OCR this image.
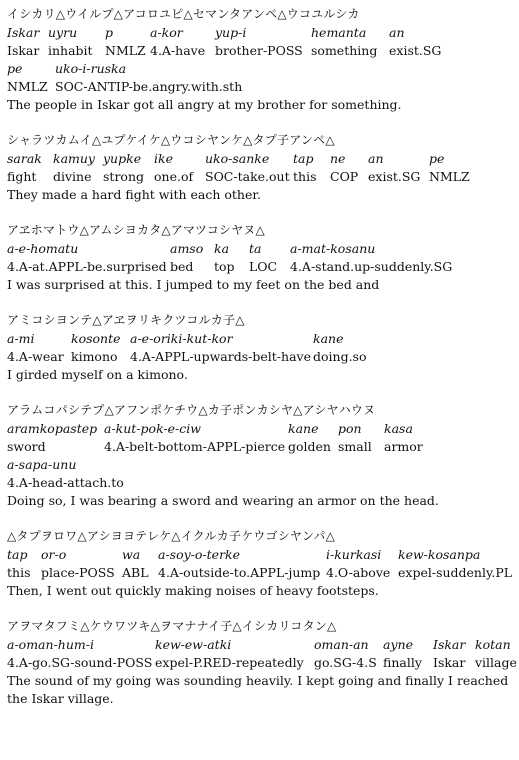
イシカリ△ウイルプ△アコロユピ△セマンタアンペ△ウコユルシカ
Iskar uyru p	a-kor	yup-i	hemanta an
Iskar inhabit NMLZ 4.A-have brother-POSS something exist.SG
pe	uko-i-ruska
NMLZ SOC-ANTIP-be.angry.with.sth
The people in Iskar got all angry at my brother for something.
シャラツカムイ△ユプケイケ△ウコシヤンケ△タプ子アンペ△
sarak kamuy yupke ike	uko-sanke tap ne an	pe
fight divine strong one.of SOC-take.out this COP exist.SG NMLZ
They made a hard fight with each other.
アヱホマトウ△アムシヨカタ△アマツコシヤヌ△
a-e-homatu	amso ka ta a-mat-kosanu
4.A-at.APPL-be.surprised bed top LOC 4.A-stand.up-suddenly.SG
I was surprised at this. I jumped to my feet on the bed and
アミコシヨンテ△アヱヲリキクツコルカ子△
a-mi	kosonte a-e-oriki-kut-kor	kane
4.A-wear kimono 4.A-APPL-upwards-belt-have doing.so
I girded myself on a kimono.
アラムコパシテプ△アフンポケチウ△カ子ポンカシヤ△アシヤハウヌ
aramkopastep a-kut-pok-e-ciw	kane pon kasa
sword	4.A-belt-bottom-APPL-pierce golden small armor
a-sapa-unu
4.A-head-attach.to
Doing so, I was bearing a sword and wearing an armor on the head.
△タプヲロワ△アシヨヨテレケ△イクルカ子ケウゴシヤンパ△
tap or-o	wa a-soy-o-terke	i-kurkasi kew-kosanpa
this place-POSS ABL 4.A-outside-to.APPL-jump 4.O-above expel-suddenly.PL
Then, I went out quickly making noises of heavy footsteps.
アヲマタフミ△ケウワツキ△ヲマナナイ子△イシカリコタン△
a-oman-hum-i	kew-ew-atki	oman-an ayne Iskar kotan
4.A-go.SG-sound-POSS expel-P.RED-repeatedly go.SG-4.S finally Iskar village
The sound of my going was sounding heavily. I kept going and finally I reached the Iskar village.
